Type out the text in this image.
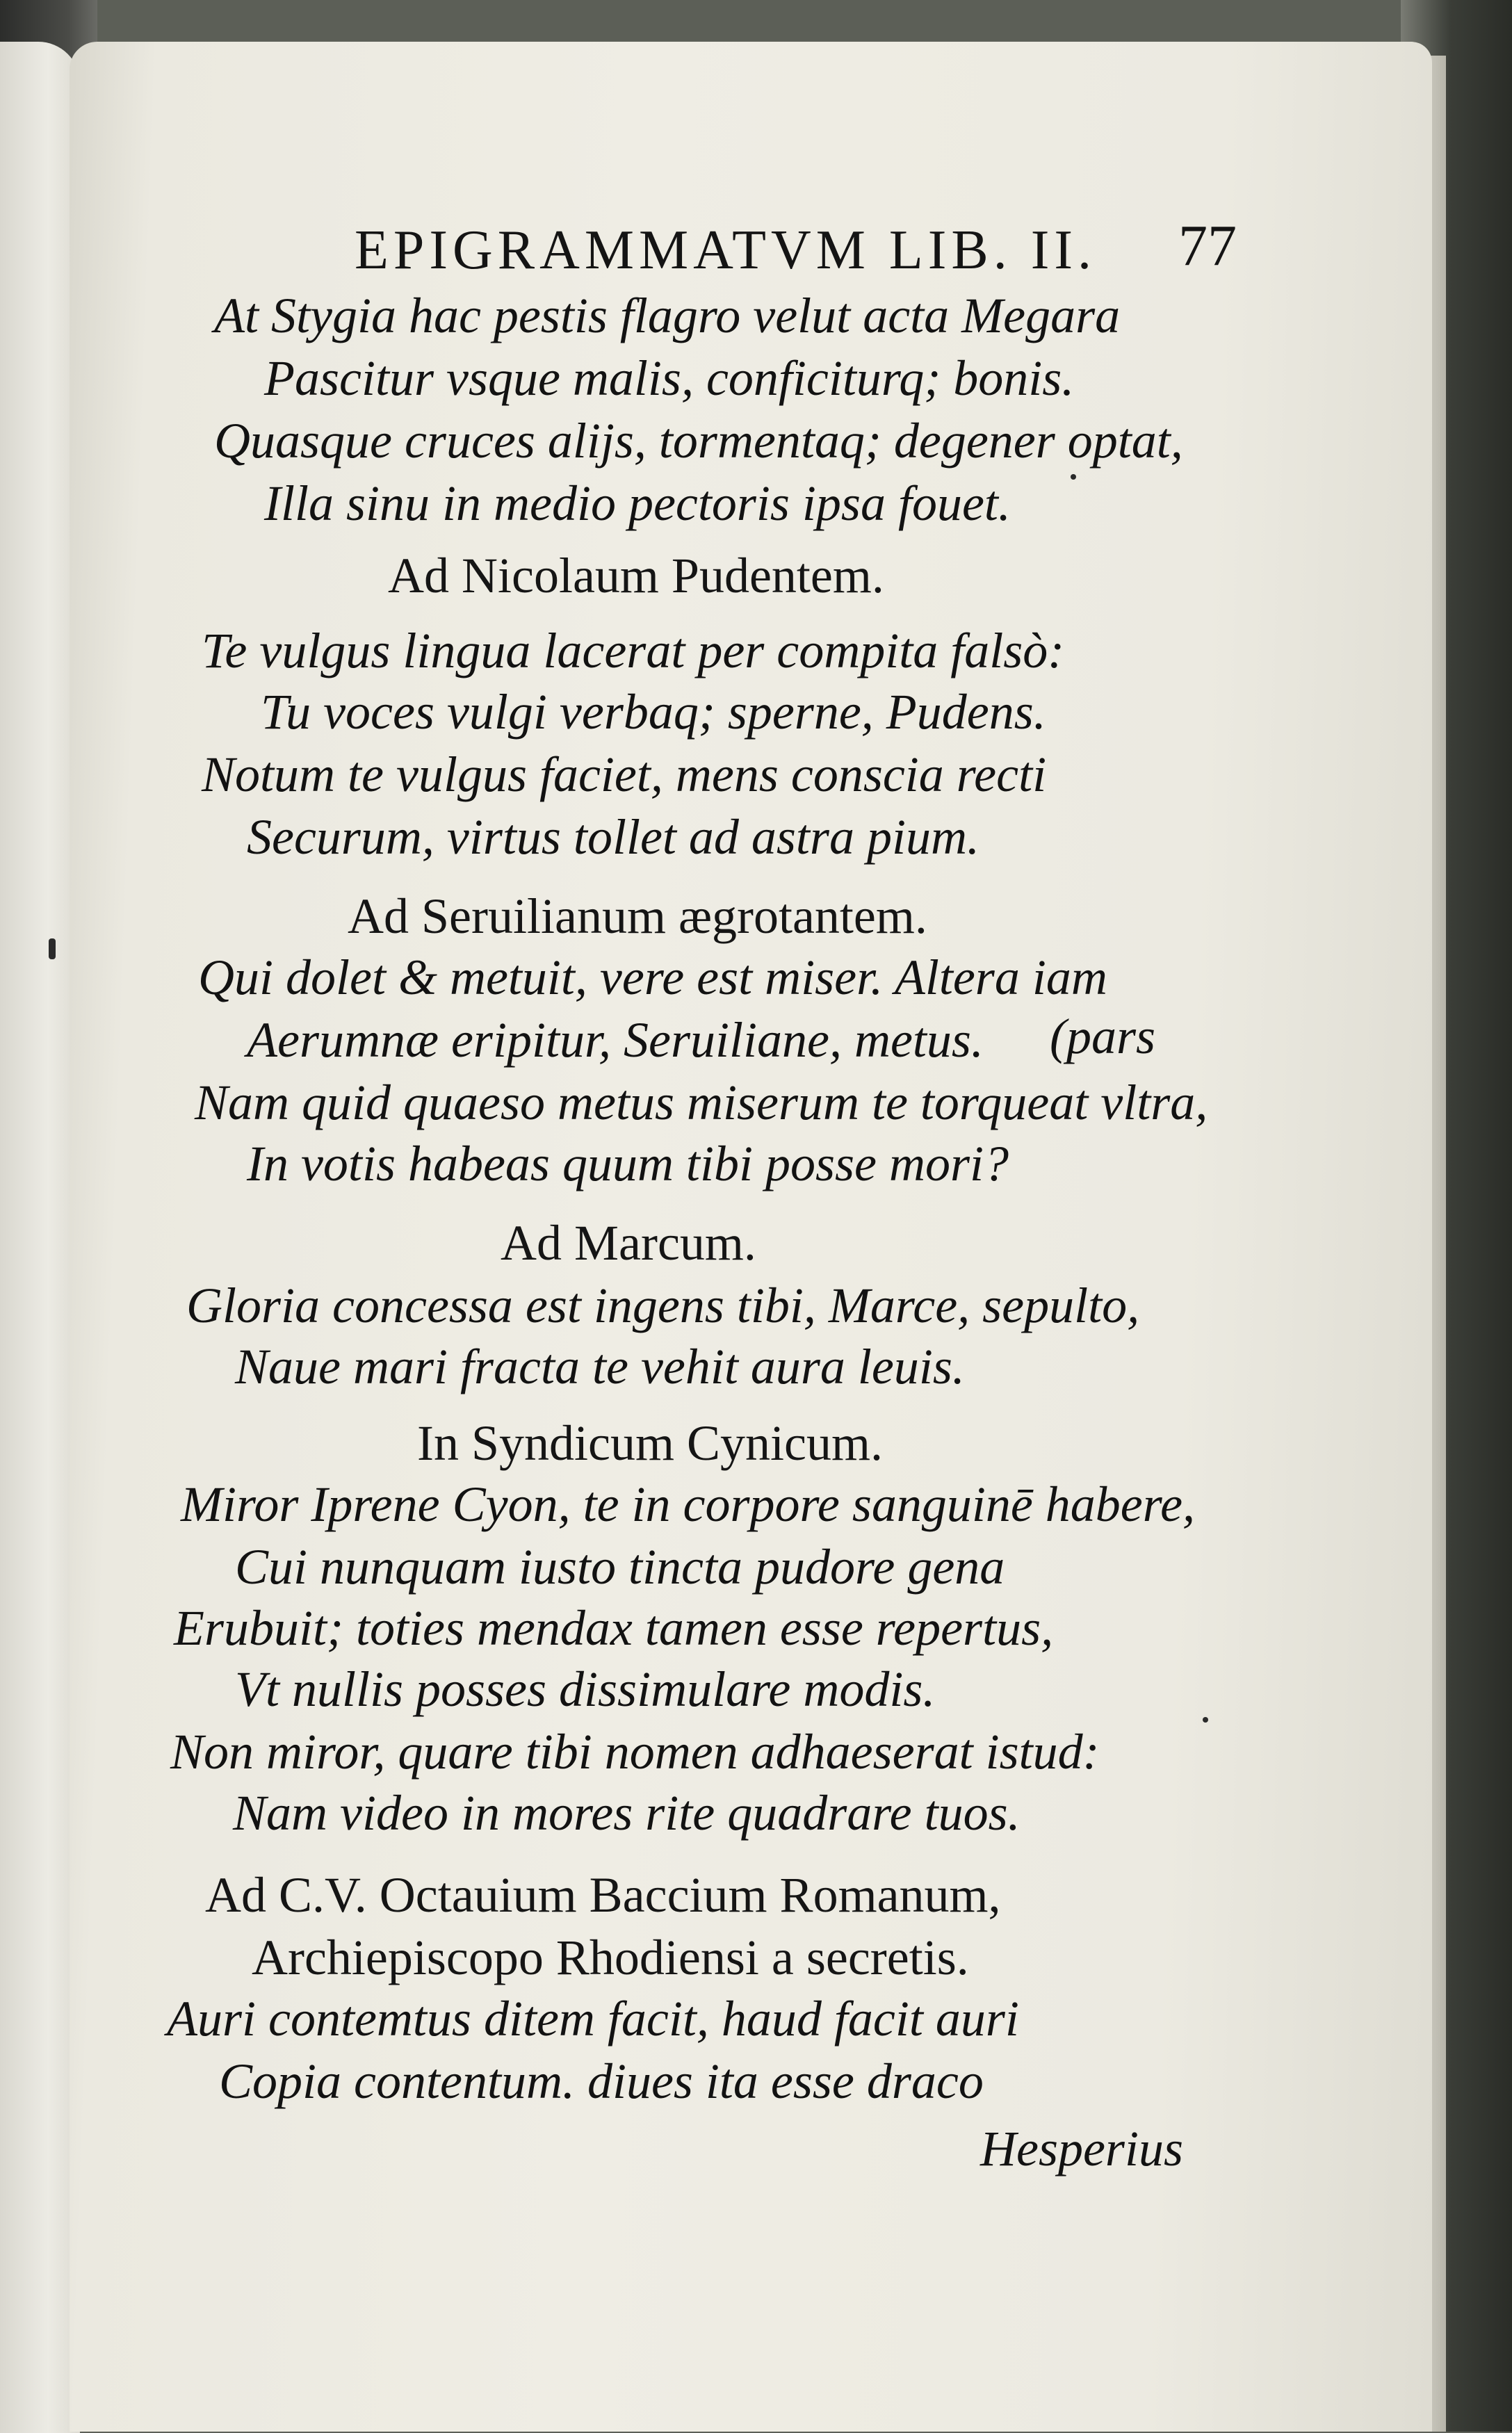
EPIGRAMMATVM LIB. II. 77
At Stygia hac pestis flagro velut acta Megara
Pascitur vsque malis, conficiturq; bonis.
Quasque cruces alijs, tormentaq; degener optat,
Illa sinu in medio pectoris ipsa fouet.
Ad Nicolaum Pudentem.
Te vulgus lingua lacerat per compita falsò:
Tu voces vulgi verbaq; sperne, Pudens.
Notum te vulgus faciet, mens conscia recti
Securum, virtus tollet ad astra pium.
Ad Seruilianum ægrotantem.
Qui dolet & metuit, vere est miser. Altera iam
Aerumnæ eripitur, Seruiliane, metus. (pars
Nam quid quaeso metus miserum te torqueat vltra,
In votis habeas quum tibi posse mori?
Ad Marcum.
Gloria concessa est ingens tibi, Marce, sepulto,
Naue mari fracta te vehit aura leuis.
In Syndicum Cynicum.
Miror Iprene Cyon, te in corpore sanguinē habere,
Cui nunquam iusto tincta pudore gena
Erubuit; toties mendax tamen esse repertus,
Vt nullis posses dissimulare modis.
Non miror, quare tibi nomen adhaeserat istud:
Nam video in mores rite quadrare tuos.
Ad C.V. Octauium Baccium Romanum,
Archiepiscopo Rhodiensi a secretis.
Auri contemtus ditem facit, haud facit auri
Copia contentum. diues ita esse draco
Hesperius
